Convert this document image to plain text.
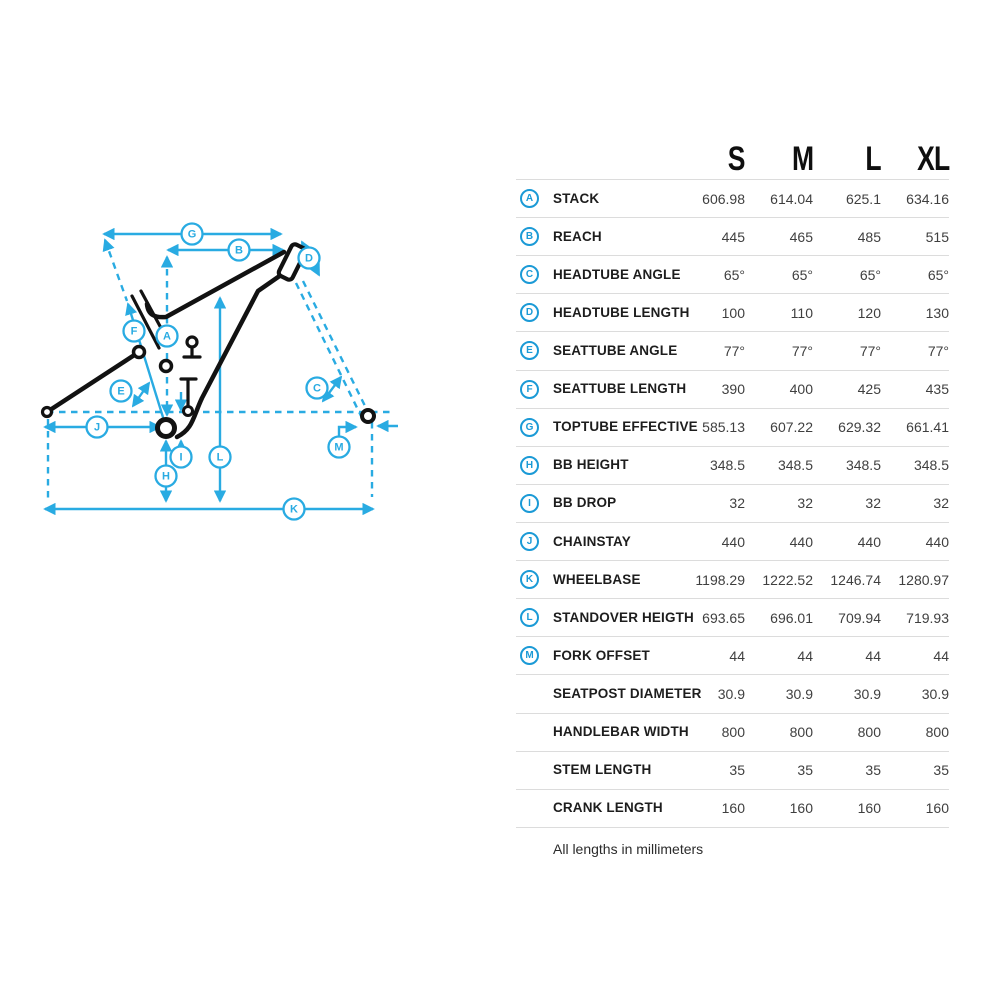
G
B
D
F A
E	C
J
M
I	L
H
K
S M L XL
A	STACK	606.98	614.04	625.1	634.16
B	REACH	445	465	485	515
C	HEADTUBE ANGLE	65°	65°	65°	65°
D	HEADTUBE LENGTH	100	110	120	130
E	SEATTUBE ANGLE	77°	77°	77°	77°
F	SEATTUBE LENGTH	390	400	425	435
G	TOPTUBE EFFECTIVE 585.13	607.22	629.32	661.41
H	BB HEIGHT	348.5	348.5	348.5	348.5
I	BB DROP	32	32	32	32
J	CHAINSTAY	440	440	440	440
K	WHEELBASE	1198.29	1222.52	1246.74	1280.97
L	STANDOVER HEIGTH 693.65	696.01	709.94	719.93
M	FORK OFFSET	44	44	44	44
SEATPOST DIAMETER	30.9	30.9	30.9	30.9
HANDLEBAR WIDTH	800	800	800	800
STEM LENGTH	35	35	35	35
CRANK LENGTH	160	160	160	160
All lengths in millimeters
